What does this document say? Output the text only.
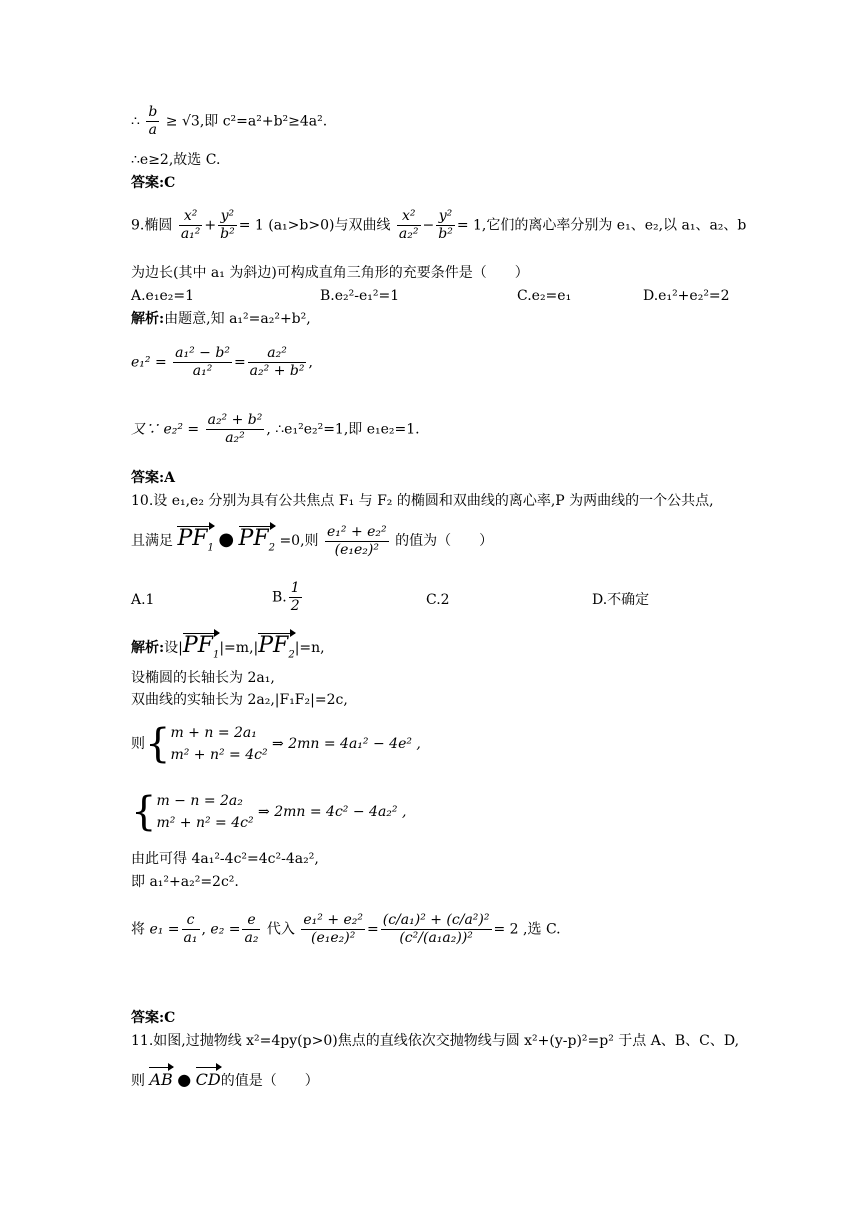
∴ $\frac{b}{a} \ge √3$,即 c²=a²+b²≥4a².
∴e≥2,故选 C.
答案:C
9.椭圆 $\frac{\text{x²}}{\text{a₁²}} + \frac{\text{y²}}{\text{b²}} = 1$ (a₁>b>0)与双曲线 $\frac{\text{x²}}{\text{a₂²}} - \frac{\text{y²}}{\text{b²}} = 1$,它们的离心率分别为 e₁、e₂,以 a₁、a₂、b
为边长(其中 a₁ 为斜边)可构成直角三角形的充要条件是（　　）
A.e₁e₂=1	B.e₂²-e₁²=1	C.e₂=e₁	D.e₁²+e₂²=2
解析:由题意,知 a₁²=a₂²+b²,
$e_1^2 = \frac{\text{a₁² − b²}}{\text{a₁²}} = \frac{\text{a₂²}}{\text{a₂² + b²}}$ ,
又∵ $e_2^2 = \frac{\text{a₂² + b²}}{\text{a₂²}}$ , ∴e₁²e₂²=1,即 e₁e₂=1.
答案:A
10.设 e₁,e₂ 分别为具有公共焦点 F₁ 与 F₂ 的椭圆和双曲线的离心率,P 为两曲线的一个公共点,
且满足 $PF_1$ ● $PF_2 =0$,则 $\frac{\text{e₁² + e₂²}}{\text{(e₁e₂)²}}$ 的值为（　　）
A.1	B. $\frac{1}{2}$	C.2	D.不确定
解析:设$|PF_1|=m,|PF_2|=n$,
设椭圆的长轴长为 2a₁,
双曲线的实轴长为 2a₂,|F₁F₂|=2c,
则{ m + n = 2a₁
m² + n² = 4c²
⇒ 2mn = 4a₁² − 4e² ,
{ m − n = 2a₂
m² + n² = 4c²
⇒ 2mn = 4c² − 4a₂² ,
由此可得 4a₁²-4c²=4c²-4a₂²,
即 a₁²+a₂²=2c².
将 $e_1 = \frac{c}{\text{a₁}}$ , $e_2 = \frac{e}{\text{a₂}}$ 代入 $\frac{\text{e₁² + e₂²}}{\text{(e₁e₂)²}} = \frac{\text{(c/a₁)² + (c/a²)²}}{\text{(c²/(a₁a₂))²}} = 2$ ,选 C.
答案:C
11.如图,过抛物线 x²=4py(p>0)焦点的直线依次交抛物线与圆 x²+(y-p)²=p² 于点 A、B、C、D,
则 AB ● CD的值是（　　）
